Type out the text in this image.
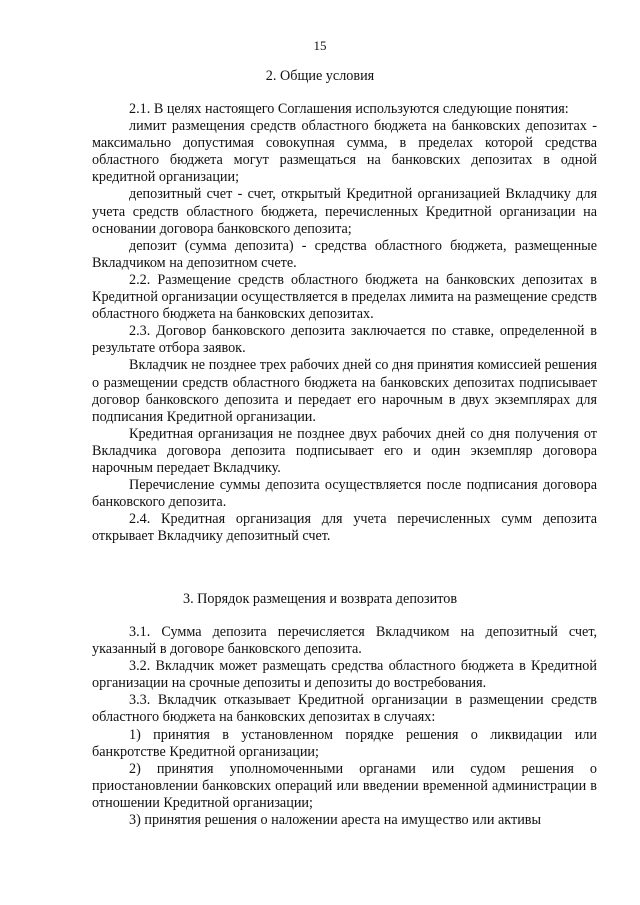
15
2. Общие условия

2.1. В целях настоящего Соглашения используются следующие понятия:

лимит размещения средств областного бюджета на банковских депозитах - максимально допустимая совокупная сумма, в пределах которой средства областного бюджета могут размещаться на банковских депозитах в одной кредитной организации;

депозитный счет - счет, открытый Кредитной организацией Вкладчику для учета средств областного бюджета, перечисленных Кредитной организации на основании договора банковского депозита;

депозит (сумма депозита) - средства областного бюджета, размещенные Вкладчиком на депозитном счете.

2.2. Размещение средств областного бюджета на банковских депозитах в Кредитной организации осуществляется в пределах лимита на размещение средств областного бюджета на банковских депозитах.

2.3. Договор банковского депозита заключается по ставке, определенной в результате отбора заявок.

Вкладчик не позднее трех рабочих дней со дня принятия комиссией решения о размещении средств областного бюджета на банковских депозитах подписывает договор банковского депозита и передает его нарочным в двух экземплярах для подписания Кредитной организации.

Кредитная организация не позднее двух рабочих дней со дня получения от Вкладчика договора депозита подписывает его и один экземпляр договора нарочным передает Вкладчику.

Перечисление суммы депозита осуществляется после подписания договора банковского депозита.

2.4. Кредитная организация для учета перечисленных сумм депозита открывает Вкладчику депозитный счет.

3. Порядок размещения и возврата депозитов

3.1. Сумма депозита перечисляется Вкладчиком на депозитный счет, указанный в договоре банковского депозита.

3.2. Вкладчик может размещать средства областного бюджета в Кредитной организации на срочные депозиты и депозиты до востребования.

3.3. Вкладчик отказывает Кредитной организации в размещении средств областного бюджета на банковских депозитах в случаях:

1) принятия в установленном порядке решения о ликвидации или банкротстве Кредитной организации;

2) принятия уполномоченными органами или судом решения о приостановлении банковских операций или введении временной администрации в отношении Кредитной организации;

3) принятия решения о наложении ареста на имущество или активы
